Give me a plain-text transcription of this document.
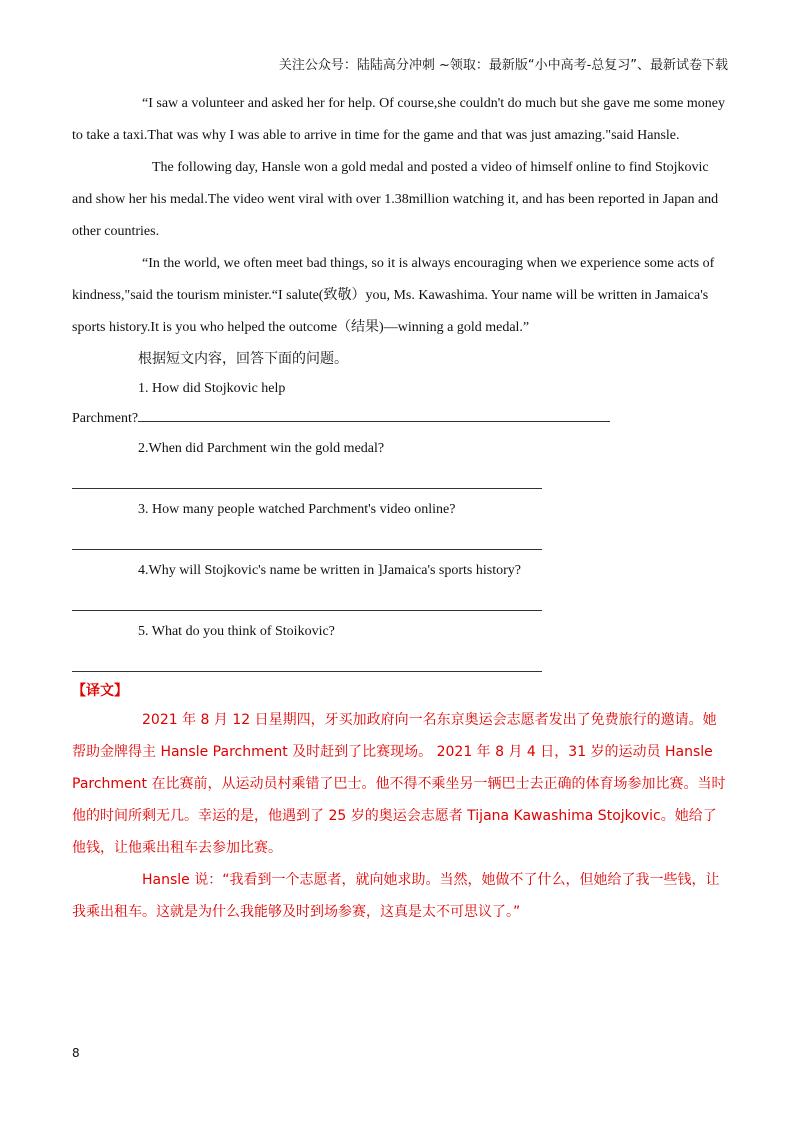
关注公众号：陆陆高分冲刺 ~领取：最新版“小中高考-总复习”、最新试卷下载

“I saw a volunteer and asked her for help. Of course,she couldn't do much but she gave me some money to take a taxi.That was why I was able to arrive in time for the game and that was just amazing."said Hansle.

The following day, Hansle won a gold medal and posted a video of himself online to find Stojkovic and show her his medal.The video went viral with over 1.38million watching it, and has been reported in Japan and other countries.

“In the world, we often meet bad things, so it is always encouraging when we experience some acts of kindness,"said the tourism minister.“I salute(致敬）you, Ms. Kawashima. Your name will be written in Jamaica's sports history.It is you who helped the outcome（结果)—winning a gold medal.”

根据短文内容，回答下面的问题。

1. How did Stojkovic help

Parchment?

2.When did Parchment win the gold medal?

3. How many people watched Parchment's video online?

4.Why will Stojkovic's name be written in ]Jamaica's sports history?

5. What do you think of Stoikovic?

【译文】

2021 年 8 月 12 日星期四，牙买加政府向一名东京奥运会志愿者发出了免费旅行的邀请。她帮助金牌得主 Hansle Parchment 及时赶到了比赛现场。 2021 年 8 月 4 日，31 岁的运动员 Hansle Parchment 在比赛前，从运动员村乘错了巴士。他不得不乘坐另一辆巴士去正确的体育场参加比赛。当时他的时间所剩无几。幸运的是，他遇到了 25 岁的奥运会志愿者 Tijana Kawashima Stojkovic。她给了他钱，让他乘出租车去参加比赛。

Hansle 说：“我看到一个志愿者，就向她求助。当然，她做不了什么，但她给了我一些钱，让我乘出租车。这就是为什么我能够及时到场参赛，这真是太不可思议了。”

8
